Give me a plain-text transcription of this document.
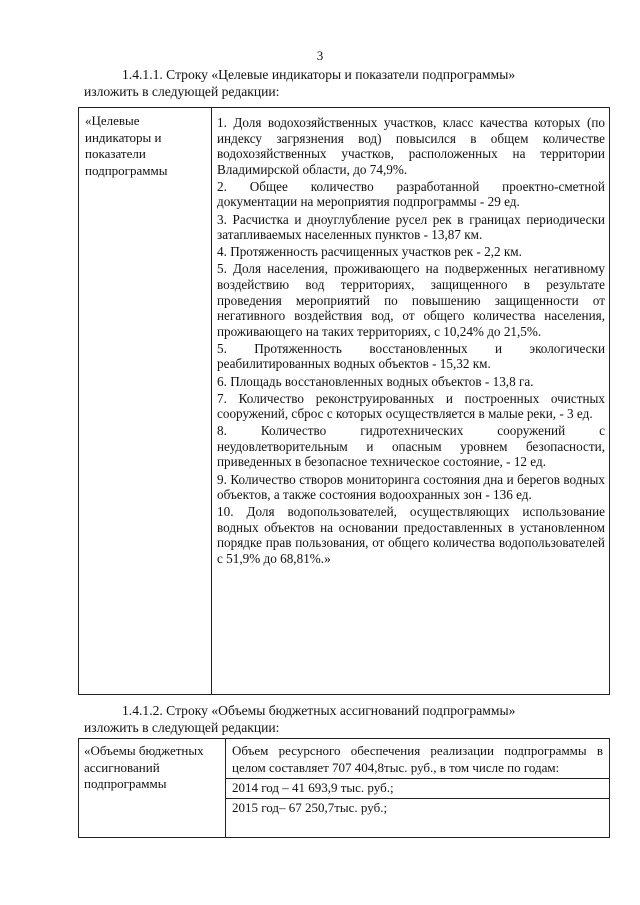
3
1.4.1.1. Строку «Целевые индикаторы и показатели подпрограммы»
изложить в следующей редакции:
«Целевые индикаторы и показатели подпрограммы
1. Доля водохозяйственных участков, класс качества которых (по индексу загрязнения вод) повысился в общем количестве водохозяйственных участков, расположенных на территории Владимирской области, до 74,9%.
2. Общее количество разработанной проектно-сметной документации на мероприятия подпрограммы - 29 ед.
3. Расчистка и дноуглубление русел рек в границах периодически затапливаемых населенных пунктов - 13,87 км.
4. Протяженность расчищенных участков рек - 2,2 км.
5. Доля населения, проживающего на подверженных негативному воздействию вод территориях, защищенного в результате проведения мероприятий по повышению защищенности от негативного воздействия вод, от общего количества населения, проживающего на таких территориях, с 10,24% до 21,5%.
5. Протяженность восстановленных и экологически реабилитированных водных объектов - 15,32 км.
6. Площадь восстановленных водных объектов - 13,8 га.
7. Количество реконструированных и построенных очистных сооружений, сброс с которых осуществляется в малые реки, - 3 ед.
8. Количество гидротехнических сооружений с неудовлетворительным и опасным уровнем безопасности, приведенных в безопасное техническое состояние, - 12 ед.
9. Количество створов мониторинга состояния дна и берегов водных объектов, а также состояния водоохранных зон - 136 ед.
10. Доля водопользователей, осуществляющих использование водных объектов на основании предоставленных в установленном порядке прав пользования, от общего количества водопользователей с 51,9% до 68,81%.»
1.4.1.2. Строку «Объемы бюджетных ассигнований подпрограммы»
изложить в следующей редакции:
«Объемы бюджетных ассигнований подпрограммы
Объем ресурсного обеспечения реализации подпрограммы в целом составляет 707 404,8тыс. руб., в том числе по годам:
2014 год – 41 693,9 тыс. руб.;
2015 год– 67 250,7тыс. руб.;
